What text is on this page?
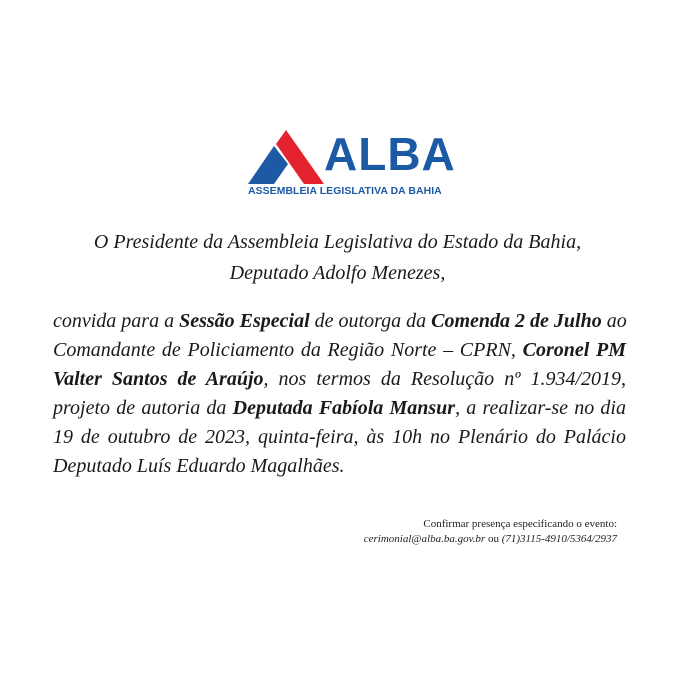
ALBA
ASSEMBLEIA LEGISLATIVA DA BAHIA
O Presidente da Assembleia Legislativa do Estado da Bahia,
Deputado Adolfo Menezes,
convida para a Sessão Especial de outorga da Comenda 2 de Julho ao
Comandante de Policiamento da Região Norte – CPRN, Coronel PM
Valter Santos de Araújo, nos termos da Resolução nº 1.934/2019,
projeto de autoria da Deputada Fabíola Mansur, a realizar-se no dia
19 de outubro de 2023, quinta-feira, às 10h no Plenário do Palácio
Deputado Luís Eduardo Magalhães.
Confirmar presença especificando o evento:
cerimonial@alba.ba.gov.br ou (71)3115-4910/5364/2937
